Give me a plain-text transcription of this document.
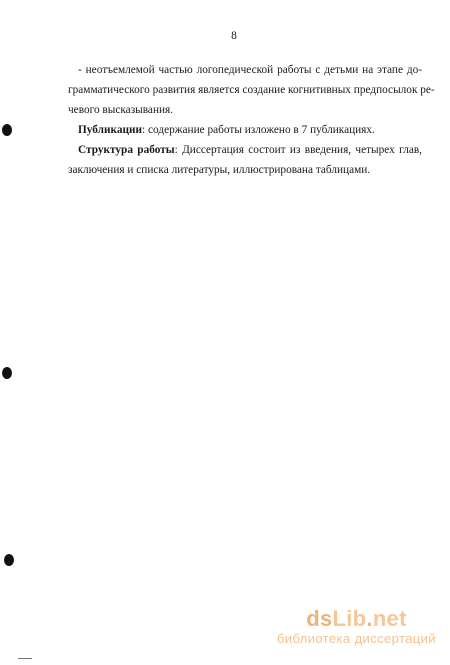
8
- неотъемлемой частью логопедической работы с детьми на этапе до-
грамматического развития является создание когнитивных предпосылок ре-
чевого высказывания.
Публикации: содержание работы изложено в 7 публикациях.
Структура работы: Диссертация состоит из введения, четырех глав,
заключения и списка литературы, иллюстрирована таблицами.
dsLib.net
библиотека диссертаций
